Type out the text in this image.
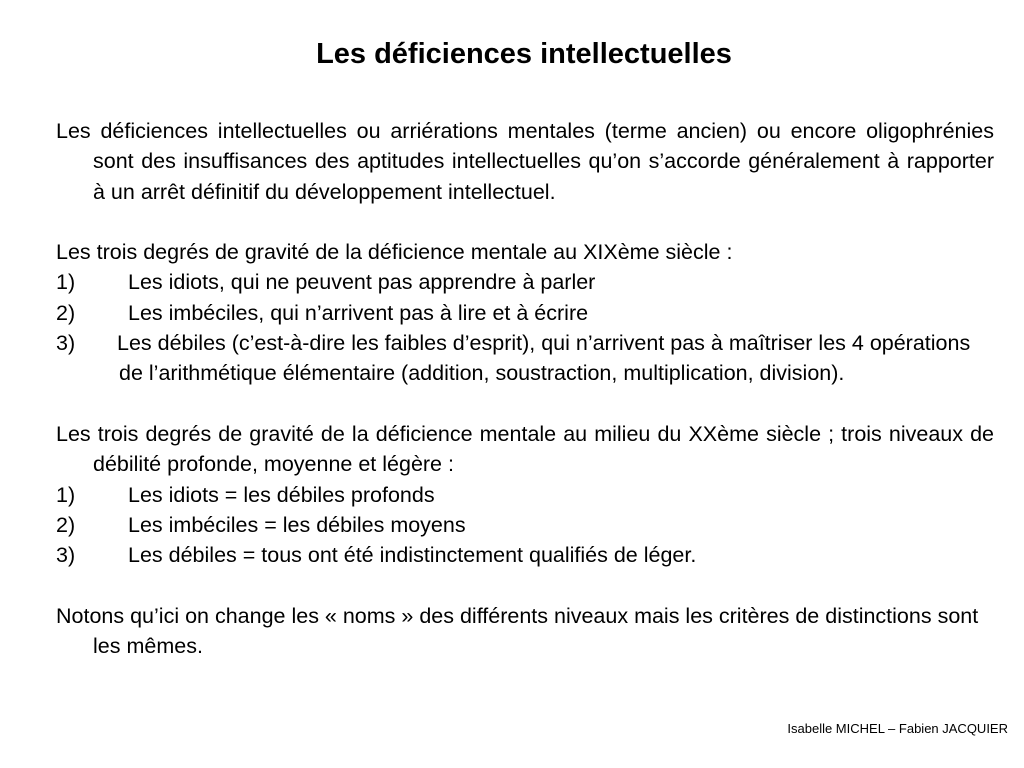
Les déficiences intellectuelles

Les déficiences intellectuelles ou arriérations mentales (terme ancien) ou encore oligophrénies sont des insuffisances des aptitudes intellectuelles qu’on s’accorde généralement à rapporter à un arrêt définitif du développement intellectuel.

Les trois degrés de gravité de la déficience mentale au XIXème siècle :

1)	Les idiots, qui ne peuvent pas apprendre à parler
2)	Les imbéciles, qui n’arrivent pas à lire et à écrire
3)	Les débiles (c’est-à-dire les faibles d’esprit), qui n’arrivent pas à maîtriser les 4 opérations de l’arithmétique élémentaire (addition, soustraction, multiplication, division).

Les trois degrés de gravité de la déficience mentale au milieu du XXème siècle ; trois niveaux de débilité profonde, moyenne et légère :

1)	Les idiots = les débiles profonds
2)	Les imbéciles = les débiles moyens
3)	Les débiles = tous ont été indistinctement qualifiés de léger.

Notons qu’ici on change les « noms » des différents niveaux mais les critères de distinctions sont les mêmes.

Isabelle MICHEL – Fabien JACQUIER
